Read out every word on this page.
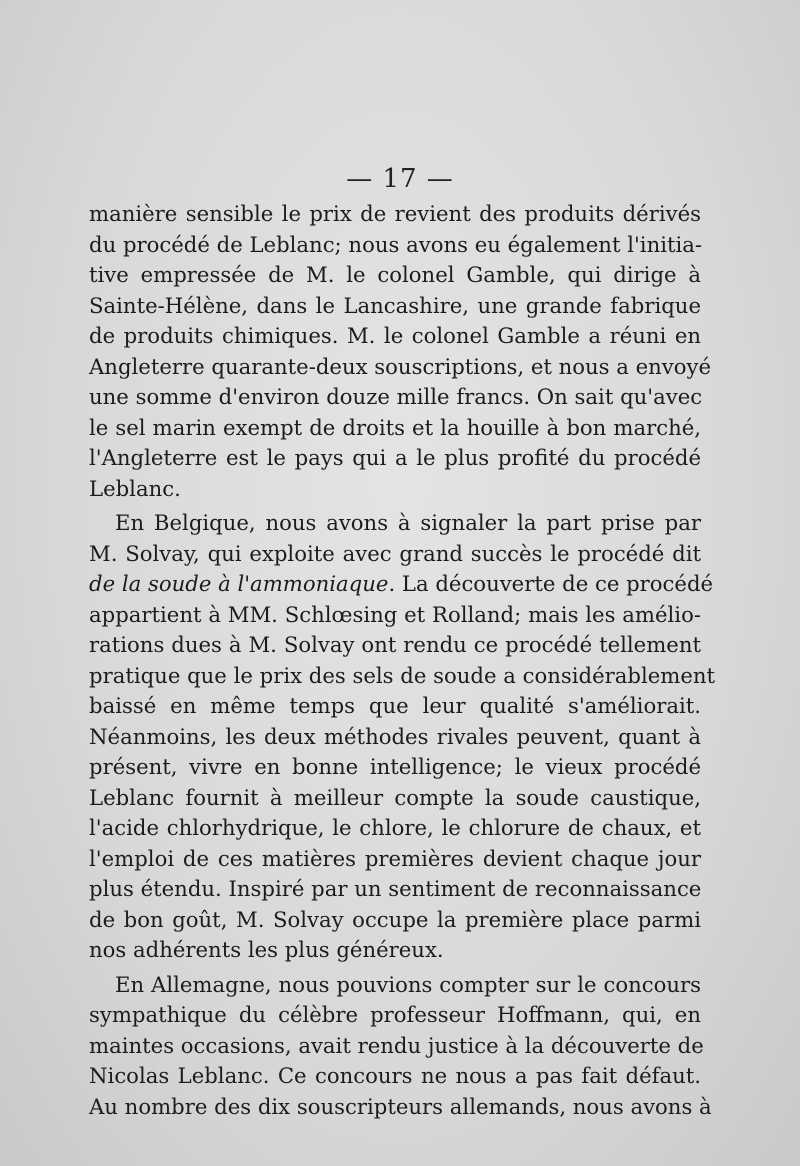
— 17 —
manière sensible le prix de revient des produits dérivés
du procédé de Leblanc; nous avons eu également l'initia-
tive empressée de M. le colonel Gamble, qui dirige à
Sainte-Hélène, dans le Lancashire, une grande fabrique
de produits chimiques. M. le colonel Gamble a réuni en
Angleterre quarante-deux souscriptions, et nous a envoyé
une somme d'environ douze mille francs. On sait qu'avec
le sel marin exempt de droits et la houille à bon marché,
l'Angleterre est le pays qui a le plus profité du procédé
Leblanc.
En Belgique, nous avons à signaler la part prise par
M. Solvay, qui exploite avec grand succès le procédé dit
de la soude à l'ammoniaque. La découverte de ce procédé
appartient à MM. Schlœsing et Rolland; mais les amélio-
rations dues à M. Solvay ont rendu ce procédé tellement
pratique que le prix des sels de soude a considérablement
baissé en même temps que leur qualité s'améliorait.
Néanmoins, les deux méthodes rivales peuvent, quant à
présent, vivre en bonne intelligence; le vieux procédé
Leblanc fournit à meilleur compte la soude caustique,
l'acide chlorhydrique, le chlore, le chlorure de chaux, et
l'emploi de ces matières premières devient chaque jour
plus étendu. Inspiré par un sentiment de reconnaissance
de bon goût, M. Solvay occupe la première place parmi
nos adhérents les plus généreux.
En Allemagne, nous pouvions compter sur le concours
sympathique du célèbre professeur Hoffmann, qui, en
maintes occasions, avait rendu justice à la découverte de
Nicolas Leblanc. Ce concours ne nous a pas fait défaut.
Au nombre des dix souscripteurs allemands, nous avons à
